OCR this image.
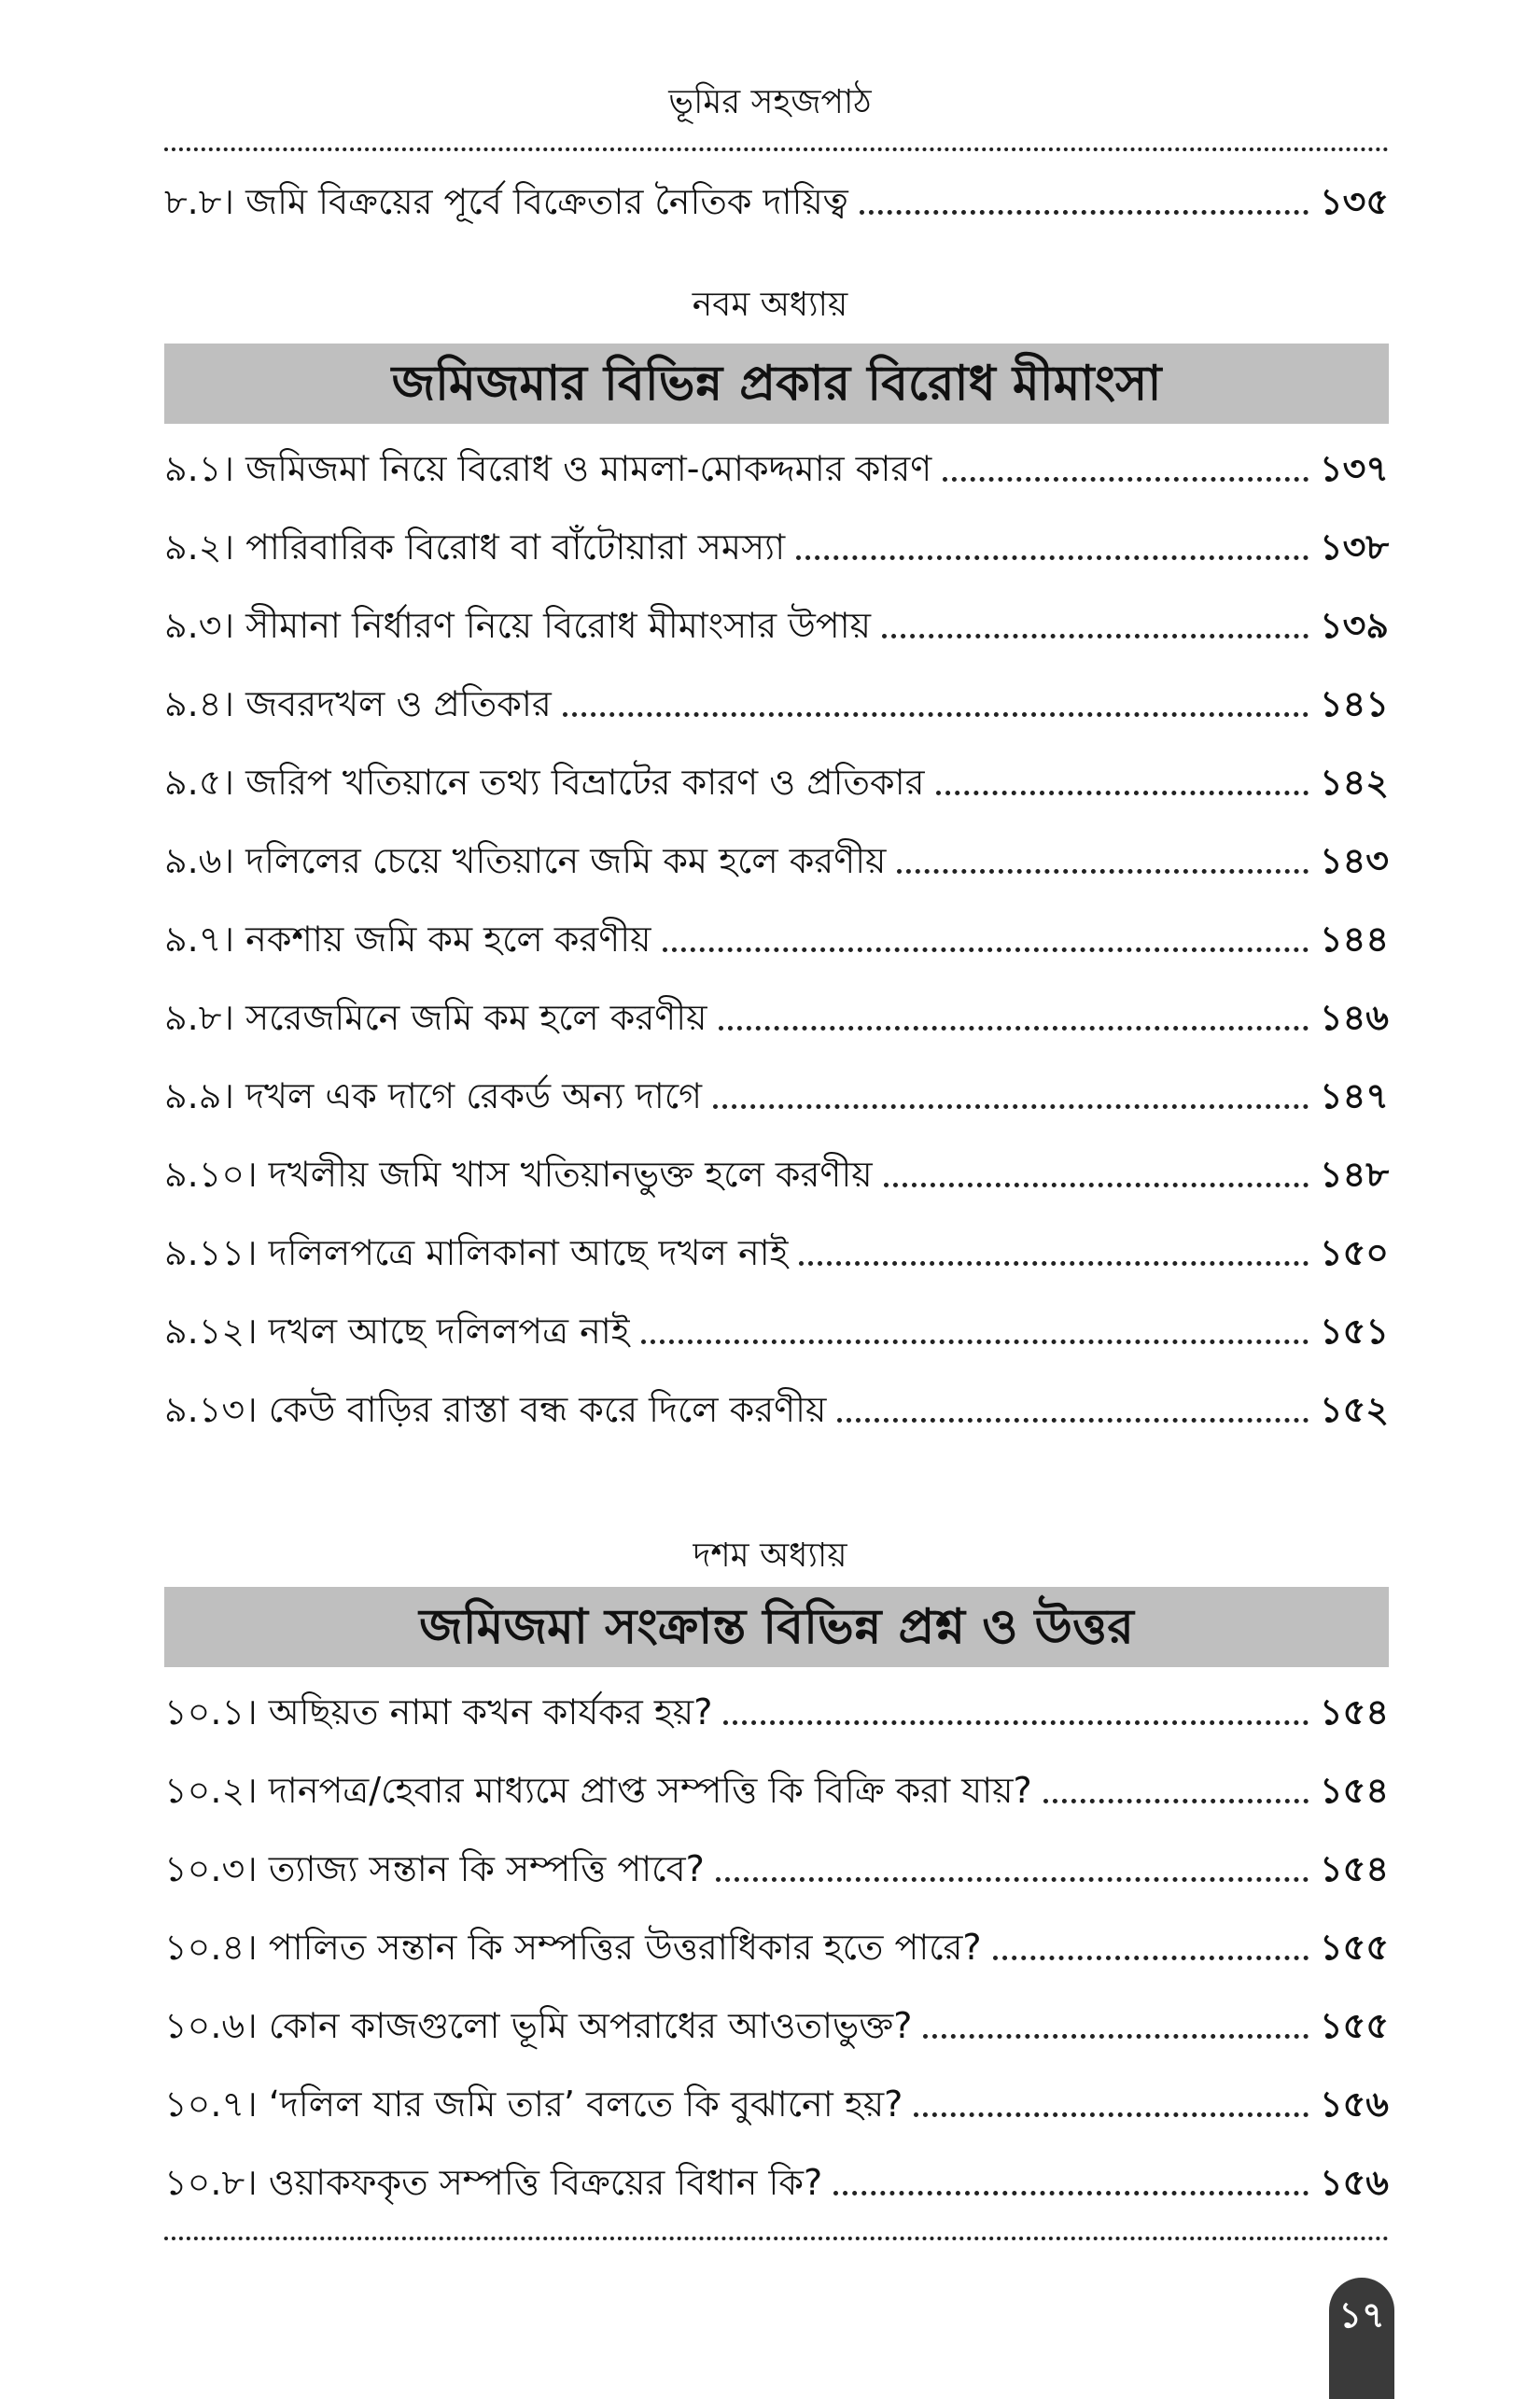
ভূমির সহজপাঠ
৮.৮। জমি বিক্রয়ের পূর্বে বিক্রেতার নৈতিক দায়িত্ব	১৩৫
নবম অধ্যায়
জমিজমার বিভিন্ন প্রকার বিরোধ মীমাংসা
৯.১। জমিজমা নিয়ে বিরোধ ও মামলা-মোকদ্দমার কারণ	১৩৭
৯.২। পারিবারিক বিরোধ বা বাঁটোয়ারা সমস্যা	১৩৮
৯.৩। সীমানা নির্ধারণ নিয়ে বিরোধ মীমাংসার উপায়	১৩৯
৯.৪। জবরদখল ও প্রতিকার	১৪১
৯.৫। জরিপ খতিয়ানে তথ্য বিভ্রাটের কারণ ও প্রতিকার	১৪২
৯.৬। দলিলের চেয়ে খতিয়ানে জমি কম হলে করণীয়	১৪৩
৯.৭। নকশায় জমি কম হলে করণীয়	১৪৪
৯.৮। সরেজমিনে জমি কম হলে করণীয়	১৪৬
৯.৯। দখল এক দাগে রেকর্ড অন্য দাগে	১৪৭
৯.১০। দখলীয় জমি খাস খতিয়ানভুক্ত হলে করণীয়	১৪৮
৯.১১। দলিলপত্রে মালিকানা আছে দখল নাই	১৫০
৯.১২। দখল আছে দলিলপত্র নাই	১৫১
৯.১৩। কেউ বাড়ির রাস্তা বন্ধ করে দিলে করণীয়	১৫২
দশম অধ্যায়
জমিজমা সংক্রান্ত বিভিন্ন প্রশ্ন ও উত্তর
১০.১। অছিয়ত নামা কখন কার্যকর হয়?	১৫৪
১০.২। দানপত্র/হেবার মাধ্যমে প্রাপ্ত সম্পত্তি কি বিক্রি করা যায়?	১৫৪
১০.৩। ত্যাজ্য সন্তান কি সম্পত্তি পাবে?	১৫৪
১০.৪। পালিত সন্তান কি সম্পত্তির উত্তরাধিকার হতে পারে?	১৫৫
১০.৬। কোন কাজগুলো ভূমি অপরাধের আওতাভুক্ত?	১৫৫
১০.৭। ‘দলিল যার জমি তার’ বলতে কি বুঝানো হয়?	১৫৬
১০.৮। ওয়াকফকৃত সম্পত্তি বিক্রয়ের বিধান কি?	১৫৬
১৭
